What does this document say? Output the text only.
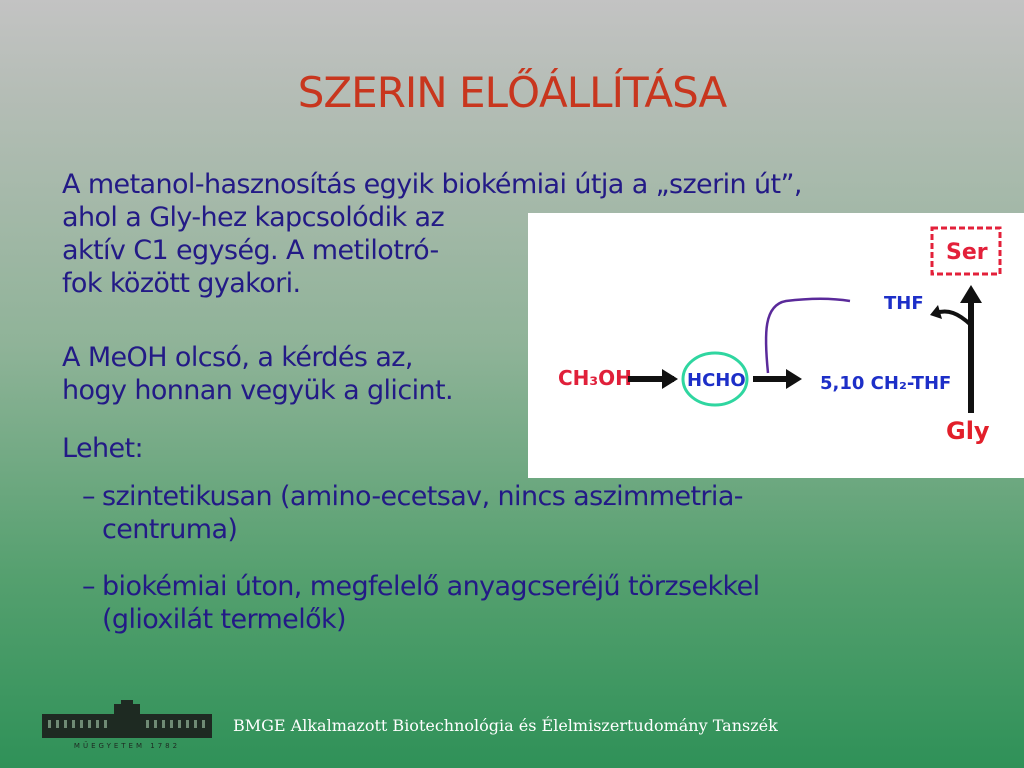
SZERIN ELŐÁLLÍTÁSA
A metanol-hasznosítás egyik biokémiai útja a „szerin út”,
ahol a Gly-hez kapcsolódik az
aktív C1 egység. A metilotró-
fok között gyakori.
A MeOH olcsó, a kérdés az,
hogy honnan vegyük a glicint.
Lehet:
– szintetikusan (amino-ecetsav, nincs aszimmetria-
centruma)
– biokémiai úton, megfelelő anyagcseréjű törzsekkel
(glioxilát termelők)
CH₃OH	HCHO	5,10 CH₂-THF
THF
Ser
Gly
MŰEGYETEM 1782
BMGE Alkalmazott Biotechnológia és Élelmiszertudomány Tanszék
